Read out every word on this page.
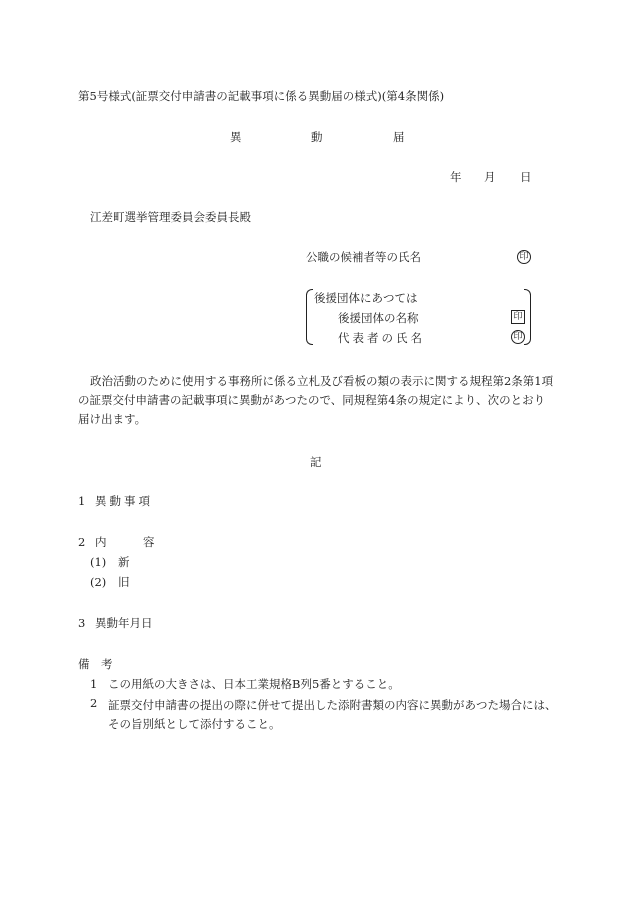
第5号様式(証票交付申請書の記載事項に係る異動届の様式)(第4条関係)
異	動	届
年 月 日
江差町選挙管理委員会委員長殿
公職の候補者等の氏名	印
後援団体にあつては
後援団体の名称	印
代表者の氏名	印
政治活動のために使用する事務所に係る立札及び看板の類の表示に関する規程第2条第1項の証票交付申請書の記載事項に異動があつたので、同規程第4条の規定により、次のとおり届け出ます。
記
1 異動事項
2 内	容
(1) 新
(2) 旧
3 異動年月日
備　考
1 この用紙の大きさは、日本工業規格B列5番とすること。
2 証票交付申請書の提出の際に併せて提出した添附書類の内容に異動があつた場合には、その旨別紙として添付すること。
